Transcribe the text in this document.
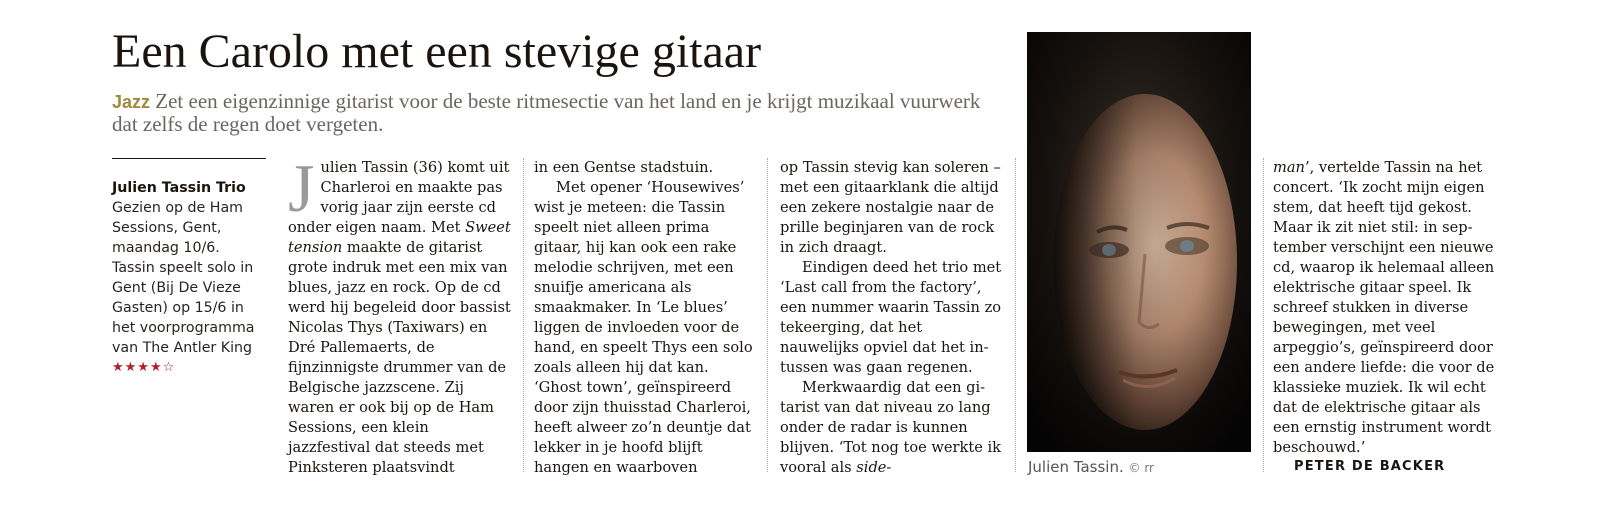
Een Carolo met een stevige gitaar
Jazz Zet een eigenzinnige gitarist voor de beste ritmesectie van het land en je krijgt muzikaal vuurwerk dat zelfs de regen doet vergeten.
Julien Tassin Trio
Gezien op de Ham
Sessions, Gent,
maandag 10/6.
Tassin speelt solo in
Gent (Bij De Vieze
Gasten) op 15/6 in
het voorprogramma
van The Antler King
★★★★☆

Julien Tassin (36) komt uit Charleroi en maakte pas vorig jaar zijn eerste cd onder eigen naam. Met Sweet tension maakte de gitarist grote indruk met een mix van blues, jazz en rock. Op de cd werd hij begeleid door bassist Nicolas Thys (Taxiwars) en Dré Pallemaerts, de fijnzinnigste drummer van de Belgische jazzscene. Zij waren er ook bij op de Ham Sessions, een klein jazzfestival dat steeds met Pinksteren plaatsvindt

in een Gentse stadstuin.

Met opener ‘Housewives’ wist je meteen: die Tassin speelt niet alleen prima gitaar, hij kan ook een rake melodie schrijven, met een snuifje americana als smaakmaker. In ‘Le blues’ liggen de invloeden voor de hand, en speelt Thys een solo zoals alleen hij dat kan. ‘Ghost town’, geïnspireerd door zijn thuisstad Charleroi, heeft alweer zo’n deuntje dat lekker in je hoofd blijft hangen en waarboven

op Tassin stevig kan soleren – met een gitaarklank die altijd een zekere nostalgie naar de prille beginjaren van de rock in zich draagt.

Eindigen deed het trio met ‘Last call from the factory’, een nummer waarin Tassin zo tekeerging, dat het nauwelijks opviel dat het intussen was gaan regenen.

Merkwaardig dat een gitarist van dat niveau zo lang onder de radar is kunnen blijven. ‘Tot nog toe werkte ik vooral als side-	Julien Tassin. © rr

man’, vertelde Tassin na het concert. ‘Ik zocht mijn eigen stem, dat heeft tijd gekost. Maar ik zit niet stil: in september verschijnt een nieuwe cd, waarop ik helemaal alleen elektrische gitaar speel. Ik schreef stukken in diverse bewegingen, met veel arpeggio’s, geïnspireerd door een andere liefde: die voor de klassieke muziek. Ik wil echt dat de elektrische gitaar als een ernstig instrument wordt beschouwd.’

PETER DE BACKER
